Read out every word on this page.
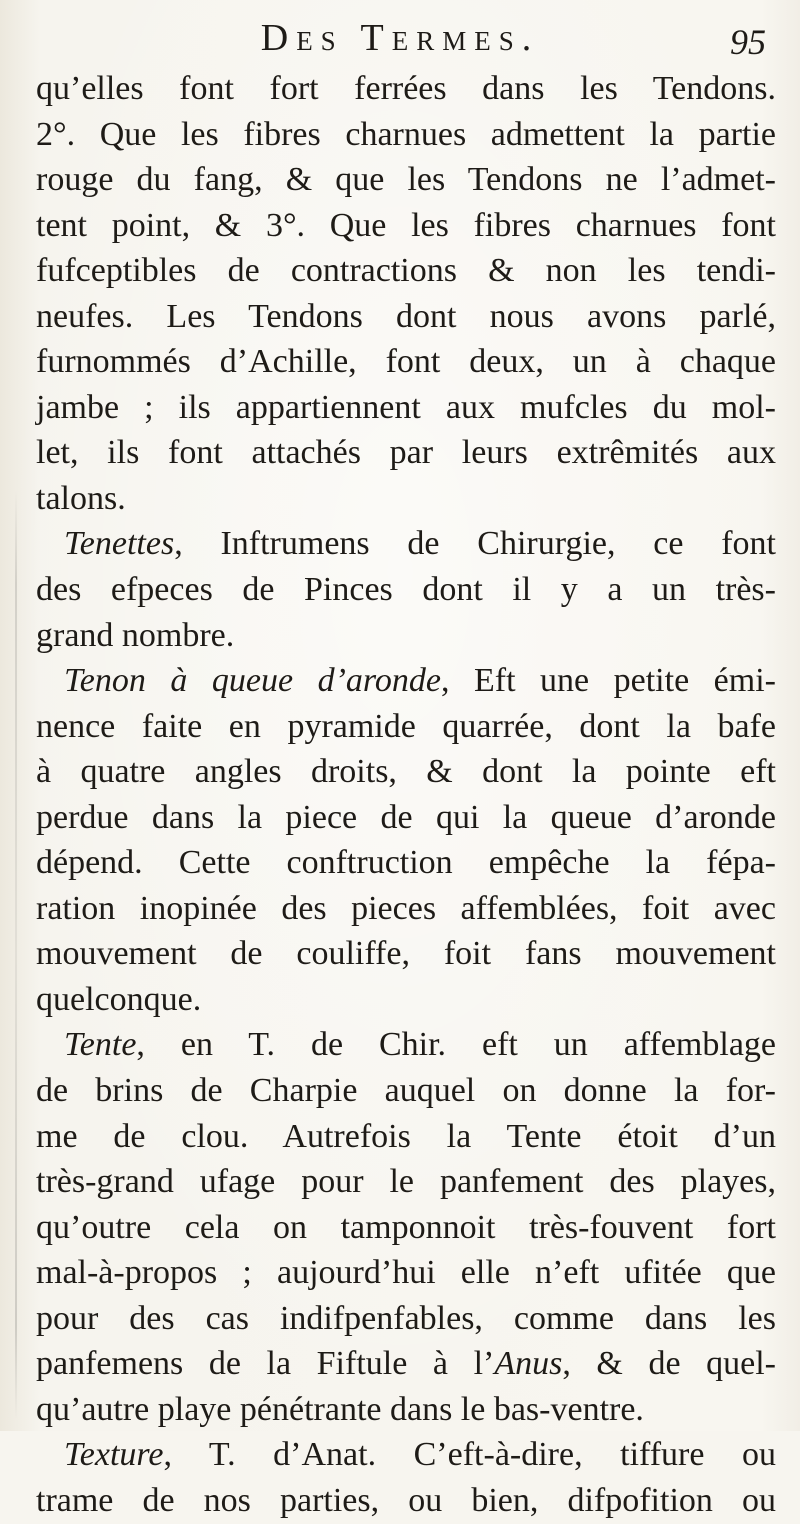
Des Termes.	95
qu’elles font fort ferrées dans les Tendons.
2°. Que les fibres charnues admettent la partie
rouge du fang, & que les Tendons ne l’admet-
tent point, & 3°. Que les fibres charnues font
fufceptibles de contractions & non les tendi-
neufes. Les Tendons dont nous avons parlé,
furnommés d’Achille, font deux, un à chaque
jambe ; ils appartiennent aux mufcles du mol-
let, ils font attachés par leurs extrêmités aux
talons.
Tenettes, Inftrumens de Chirurgie, ce font
des efpeces de Pinces dont il y a un très-
grand nombre.
Tenon à queue d’aronde, Eft une petite émi-
nence faite en pyramide quarrée, dont la bafe
à quatre angles droits, & dont la pointe eft
perdue dans la piece de qui la queue d’aronde
dépend. Cette conftruction empêche la fépa-
ration inopinée des pieces affemblées, foit avec
mouvement de couliffe, foit fans mouvement
quelconque.
Tente, en T. de Chir. eft un affemblage
de brins de Charpie auquel on donne la for-
me de clou. Autrefois la Tente étoit d’un
très-grand ufage pour le panfement des playes,
qu’outre cela on tamponnoit très-fouvent fort
mal-à-propos ; aujourd’hui elle n’eft ufitée que
pour des cas indifpenfables, comme dans les
panfemens de la Fiftule à l’Anus, & de quel-
qu’autre playe pénétrante dans le bas-ventre.
Texture, T. d’Anat. C’eft-à-dire, tiffure ou
trame de nos parties, ou bien, difpofition ou
